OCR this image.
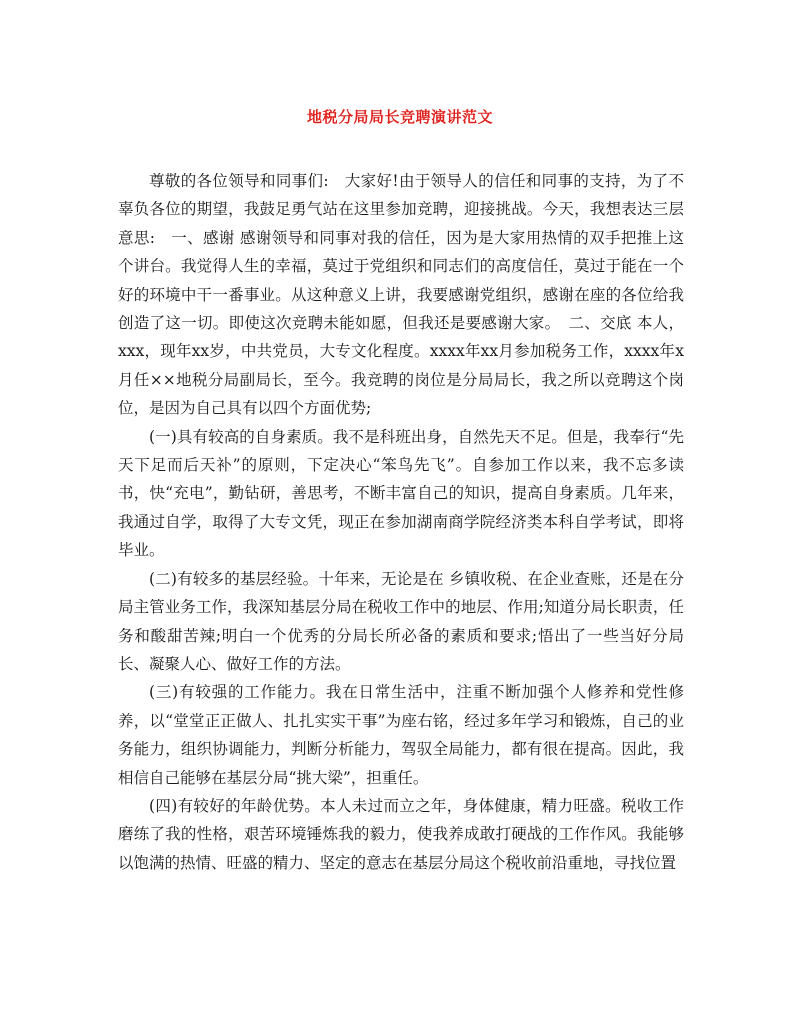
地税分局局长竞聘演讲范文

尊敬的各位领导和同事们:　大家好!由于领导人的信任和同事的支持，为了不辜负各位的期望，我鼓足勇气站在这里参加竞聘，迎接挑战。今天，我想表达三层意思:　一、感谢 感谢领导和同事对我的信任，因为是大家用热情的双手把推上这个讲台。我觉得人生的幸福，莫过于党组织和同志们的高度信任，莫过于能在一个好的环境中干一番事业。从这种意义上讲，我要感谢党组织，感谢在座的各位给我创造了这一切。即使这次竞聘未能如愿，但我还是要感谢大家。　二、交底 本人，xxx，现年xx岁，中共党员，大专文化程度。xxxx年xx月参加税务工作，xxxx年x月任××地税分局副局长，至今。我竞聘的岗位是分局局长，我之所以竞聘这个岗位，是因为自己具有以四个方面优势;

(一)具有较高的自身素质。我不是科班出身，自然先天不足。但是，我奉行“先天下足而后天补”的原则，下定决心“笨鸟先飞”。自参加工作以来，我不忘多读书，快“充电”，勤钻研，善思考，不断丰富自己的知识，提高自身素质。几年来，我通过自学，取得了大专文凭，现正在参加湖南商学院经济类本科自学考试，即将毕业。

(二)有较多的基层经验。十年来，无论是在 乡镇收税、在企业查账，还是在分局主管业务工作，我深知基层分局在税收工作中的地层、作用;知道分局长职责，任务和酸甜苦辣;明白一个优秀的分局长所必备的素质和要求;悟出了一些当好分局长、凝聚人心、做好工作的方法。

(三)有较强的工作能力。我在日常生活中，注重不断加强个人修养和党性修养，以“堂堂正正做人、扎扎实实干事”为座右铭，经过多年学习和锻炼，自己的业务能力，组织协调能力，判断分析能力，驾驭全局能力，都有很在提高。因此，我相信自己能够在基层分局“挑大梁”，担重任。

(四)有较好的年龄优势。本人未过而立之年，身体健康，精力旺盛。税收工作磨练了我的性格，艰苦环境锤炼我的毅力，使我养成敢打硬战的工作作风。我能够以饱满的热情、旺盛的精力、坚定的意志在基层分局这个税收前沿重地，寻找位置
